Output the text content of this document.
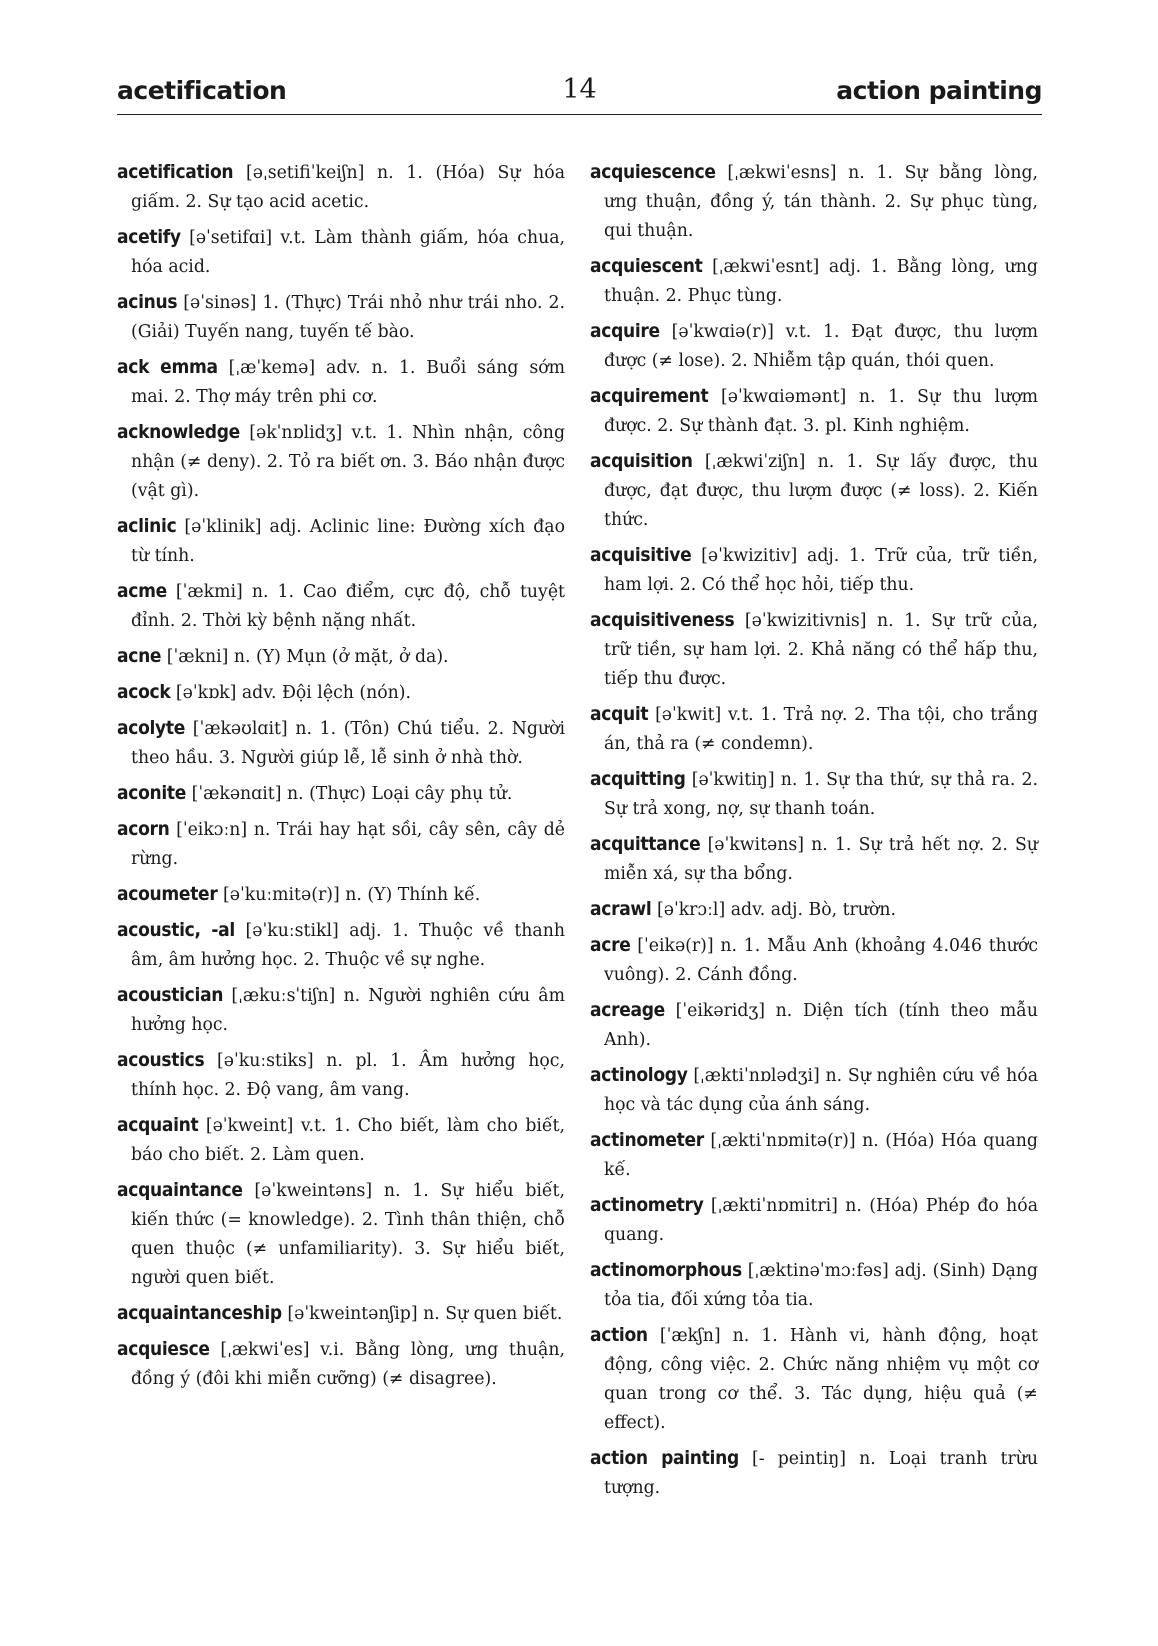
acetification	14	action painting
acetification [əˌsetifiˈkeiʃn] n. 1. (Hóa) Sự hóa giấm. 2. Sự tạo acid acetic.
acetify [əˈsetifɑi] v.t. Làm thành giấm, hóa chua, hóa acid.
acinus [əˈsinəs] 1. (Thực) Trái nhỏ như trái nho. 2. (Giải) Tuyến nang, tuyến tế bào.
ack emma [ˌæˈkemə] adv. n. 1. Buổi sáng sớm mai. 2. Thợ máy trên phi cơ.
acknowledge [əkˈnɒlidʒ] v.t. 1. Nhìn nhận, công nhận (≠ deny). 2. Tỏ ra biết ơn. 3. Báo nhận được (vật gì).
aclinic [əˈklinik] adj. Aclinic line: Đường xích đạo từ tính.
acme [ˈækmi] n. 1. Cao điểm, cực độ, chỗ tuyệt đỉnh. 2. Thời kỳ bệnh nặng nhất.
acne [ˈækni] n. (Y) Mụn (ở mặt, ở da).
acock [əˈkɒk] adv. Đội lệch (nón).
acolyte [ˈækəʊlɑit] n. 1. (Tôn) Chú tiểu. 2. Người theo hầu. 3. Người giúp lễ, lễ sinh ở nhà thờ.
aconite [ˈækənɑit] n. (Thực) Loại cây phụ tử.
acorn [ˈeikɔːn] n. Trái hay hạt sồi, cây sên, cây dẻ rừng.
acoumeter [əˈkuːmitə(r)] n. (Y) Thính kế.
acoustic, -al [əˈkuːstikl] adj. 1. Thuộc về thanh âm, âm hưởng học. 2. Thuộc về sự nghe.
acoustician [ˌækuːsˈtiʃn] n. Người nghiên cứu âm hưởng học.
acoustics [əˈkuːstiks] n. pl. 1. Âm hưởng học, thính học. 2. Độ vang, âm vang.
acquaint [əˈkweint] v.t. 1. Cho biết, làm cho biết, báo cho biết. 2. Làm quen.
acquaintance [əˈkweintəns] n. 1. Sự hiểu biết, kiến thức (= knowledge). 2. Tình thân thiện, chỗ quen thuộc (≠ unfamiliarity). 3. Sự hiểu biết, người quen biết.
acquaintanceship [əˈkweintənʃip] n. Sự quen biết.
acquiesce [ˌækwiˈes] v.i. Bằng lòng, ưng thuận, đồng ý (đôi khi miễn cưỡng) (≠ disagree).
acquiescence [ˌækwiˈesns] n. 1. Sự bằng lòng, ưng thuận, đồng ý, tán thành. 2. Sự phục tùng, qui thuận.
acquiescent [ˌækwiˈesnt] adj. 1. Bằng lòng, ưng thuận. 2. Phục tùng.
acquire [əˈkwɑiə(r)] v.t. 1. Đạt được, thu lượm được (≠ lose). 2. Nhiễm tập quán, thói quen.
acquirement [əˈkwɑiəmənt] n. 1. Sự thu lượm được. 2. Sự thành đạt. 3. pl. Kinh nghiệm.
acquisition [ˌækwiˈziʃn] n. 1. Sự lấy được, thu được, đạt được, thu lượm được (≠ loss). 2. Kiến thức.
acquisitive [əˈkwizitiv] adj. 1. Trữ của, trữ tiền, ham lợi. 2. Có thể học hỏi, tiếp thu.
acquisitiveness [əˈkwizitivnis] n. 1. Sự trữ của, trữ tiền, sự ham lợi. 2. Khả năng có thể hấp thu, tiếp thu được.
acquit [əˈkwit] v.t. 1. Trả nợ. 2. Tha tội, cho trắng án, thả ra (≠ condemn).
acquitting [əˈkwitiŋ] n. 1. Sự tha thứ, sự thả ra. 2. Sự trả xong, nợ, sự thanh toán.
acquittance [əˈkwitəns] n. 1. Sự trả hết nợ. 2. Sự miễn xá, sự tha bổng.
acrawl [əˈkrɔːl] adv. adj. Bò, trườn.
acre [ˈeikə(r)] n. 1. Mẫu Anh (khoảng 4.046 thước vuông). 2. Cánh đồng.
acreage [ˈeikəridʒ] n. Diện tích (tính theo mẫu Anh).
actinology [ˌæktiˈnɒlədʒi] n. Sự nghiên cứu về hóa học và tác dụng của ánh sáng.
actinometer [ˌæktiˈnɒmitə(r)] n. (Hóa) Hóa quang kế.
actinometry [ˌæktiˈnɒmitri] n. (Hóa) Phép đo hóa quang.
actinomorphous [ˌæktinəˈmɔːfəs] adj. (Sinh) Dạng tỏa tia, đối xứng tỏa tia.
action [ˈækʃn] n. 1. Hành vi, hành động, hoạt động, công việc. 2. Chức năng nhiệm vụ một cơ quan trong cơ thể. 3. Tác dụng, hiệu quả (≠ effect).
action painting [- peintiŋ] n. Loại tranh trừu tượng.
